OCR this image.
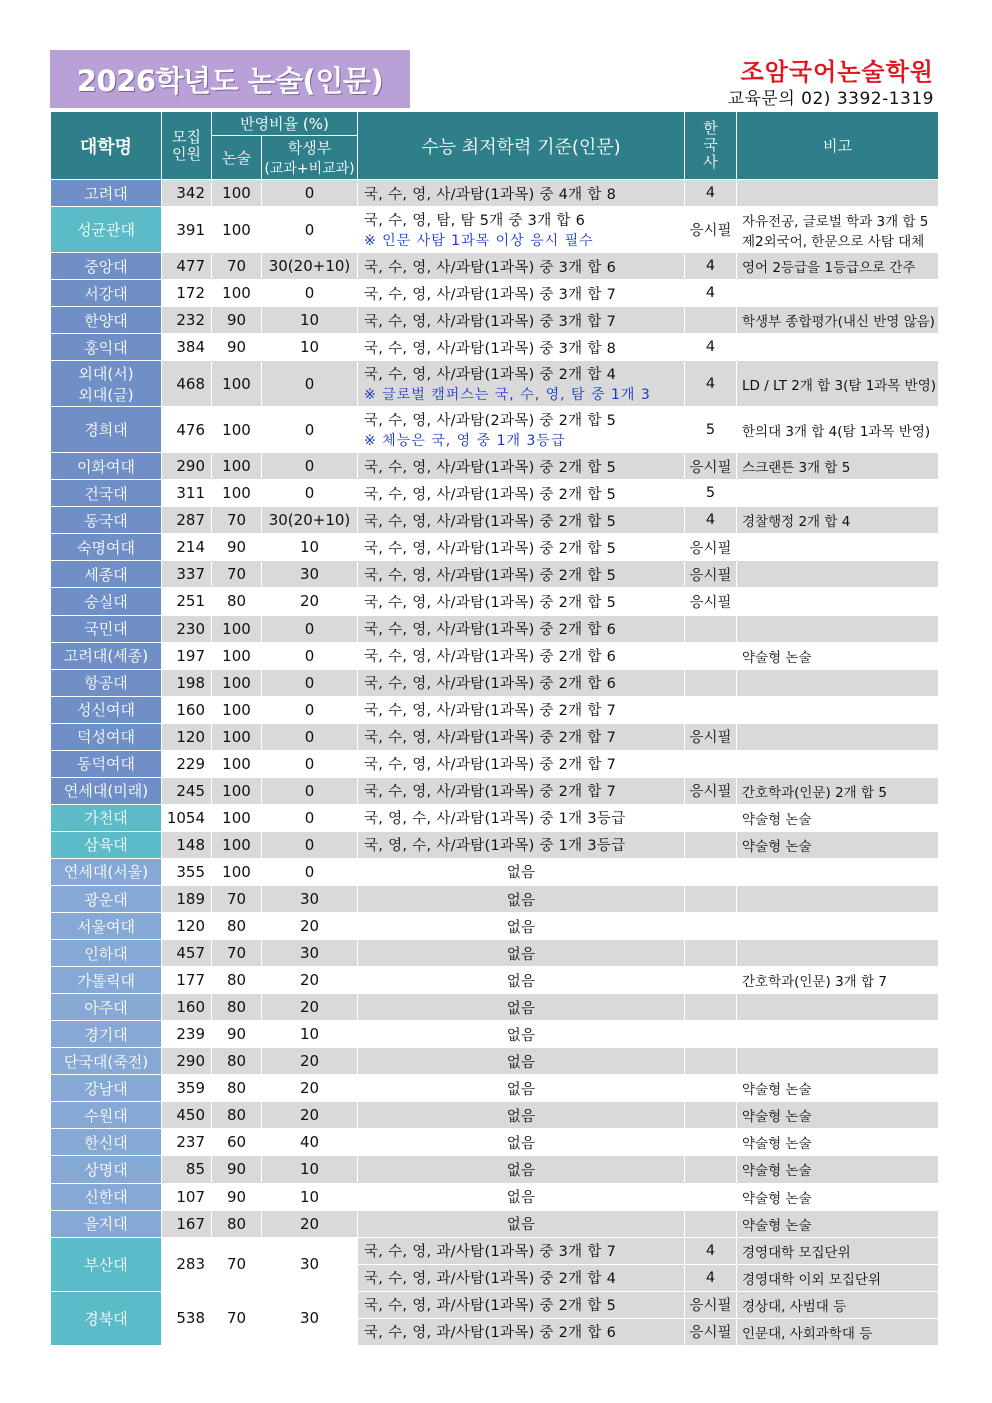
2026학년도 논술(인문)	조암국어논술학원
교육문의 02) 3392-1319
대학명	모집인원	반영비율 (%)		수능 최저학력 기준(인문)	한국사	비고
		논술	학생부
(교과+비교과)			

고려대	342	100	0	국, 수, 영, 사/과탐(1과목) 중 4개 합 8	4	

성균관대	391	100	0	국, 수, 영, 탐, 탐 5개 중 3개 합 6
※ 인문 사탐 1과목 이상 응시 필수	응시필	자유전공, 글로벌 학과 3개 합 5
제2외국어, 한문으로 사탐 대체

중앙대	477	70	30(20+10)	국, 수, 영, 사/과탐(1과목) 중 3개 합 6	4	영어 2등급을 1등급으로 간주

서강대	172	100	0	국, 수, 영, 사/과탐(1과목) 중 3개 합 7	4	

한양대	232	90	10	국, 수, 영, 사/과탐(1과목) 중 3개 합 7		학생부 종합평가(내신 반영 않음)

홍익대	384	90	10	국, 수, 영, 사/과탐(1과목) 중 3개 합 8	4	

외대(서)
외대(글)	468	100	0	국, 수, 영, 사/과탐(1과목) 중 2개 합 4
※ 글로벌 캠퍼스는 국, 수, 영, 탐 중 1개 3	4	LD / LT 2개 합 3(탐 1과목 반영)

경희대	476	100	0	국, 수, 영, 사/과탐(2과목) 중 2개 합 5
※ 체능은 국, 영 중 1개 3등급	5	한의대 3개 합 4(탐 1과목 반영)

이화여대	290	100	0	국, 수, 영, 사/과탐(1과목) 중 2개 합 5	응시필	스크랜튼 3개 합 5

건국대	311	100	0	국, 수, 영, 사/과탐(1과목) 중 2개 합 5	5	

동국대	287	70	30(20+10)	국, 수, 영, 사/과탐(1과목) 중 2개 합 5	4	경찰행정 2개 합 4

숙명여대	214	90	10	국, 수, 영, 사/과탐(1과목) 중 2개 합 5	응시필	

세종대	337	70	30	국, 수, 영, 사/과탐(1과목) 중 2개 합 5	응시필	

숭실대	251	80	20	국, 수, 영, 사/과탐(1과목) 중 2개 합 5	응시필	

국민대	230	100	0	국, 수, 영, 사/과탐(1과목) 중 2개 합 6		

고려대(세종)	197	100	0	국, 수, 영, 사/과탐(1과목) 중 2개 합 6		약술형 논술

항공대	198	100	0	국, 수, 영, 사/과탐(1과목) 중 2개 합 6		

성신여대	160	100	0	국, 수, 영, 사/과탐(1과목) 중 2개 합 7		

덕성여대	120	100	0	국, 수, 영, 사/과탐(1과목) 중 2개 합 7	응시필	

동덕여대	229	100	0	국, 수, 영, 사/과탐(1과목) 중 2개 합 7		

연세대(미래)	245	100	0	국, 수, 영, 사/과탐(1과목) 중 2개 합 7	응시필	간호학과(인문) 2개 합 5

가천대	1054	100	0	국, 영, 수, 사/과탐(1과목) 중 1개 3등급		약술형 논술

삼육대	148	100	0	국, 영, 수, 사/과탐(1과목) 중 1개 3등급		약술형 논술

연세대(서울)	355	100	0	없음		

광운대	189	70	30	없음		

서울여대	120	80	20	없음		

인하대	457	70	30	없음		

가톨릭대	177	80	20	없음		간호학과(인문) 3개 합 7

아주대	160	80	20	없음		

경기대	239	90	10	없음		

단국대(죽전)	290	80	20	없음		

강남대	359	80	20	없음		약술형 논술

수원대	450	80	20	없음		약술형 논술

한신대	237	60	40	없음		약술형 논술

상명대	85	90	10	없음		약술형 논술

신한대	107	90	10	없음		약술형 논술

을지대	167	80	20	없음		약술형 논술

부산대	283	70	30	국, 수, 영, 과/사탐(1과목) 중 3개 합 7	4	경영대학 모집단위
				국, 수, 영, 과/사탐(1과목) 중 2개 합 4	4	경영대학 이외 모집단위
경북대	538	70	30	국, 수, 영, 과/사탐(1과목) 중 2개 합 5	응시필	경상대, 사범대 등
				국, 수, 영, 과/사탐(1과목) 중 2개 합 6	응시필	인문대, 사회과학대 등
